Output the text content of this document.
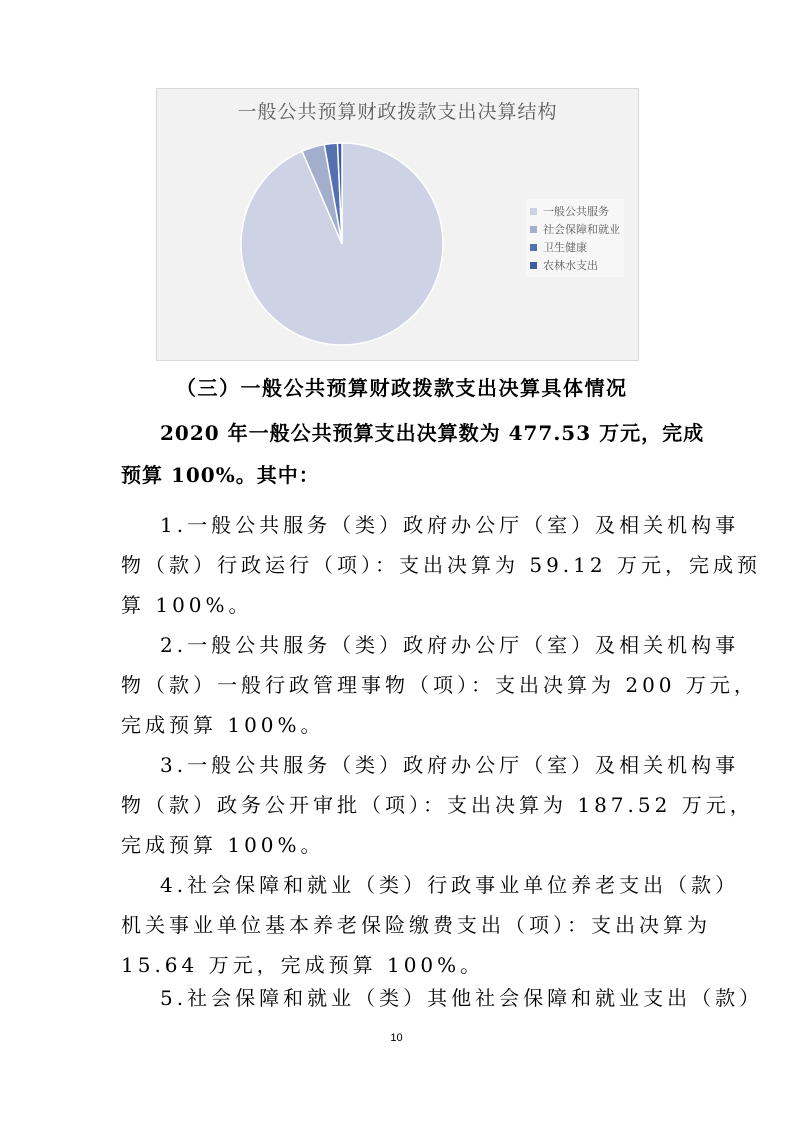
一般公共预算财政拨款支出决算结构
一般公共服务
社会保障和就业
卫生健康
农林水支出
（三）一般公共预算财政拨款支出决算具体情况
2020 年一般公共预算支出决算数为 477.53 万元，完成
预算 100%。其中：
1.一般公共服务（类）政府办公厅（室）及相关机构事
物（款）行政运行（项）：支出决算为 59.12 万元，完成预
算 100%。
2.一般公共服务（类）政府办公厅（室）及相关机构事
物（款）一般行政管理事物（项）：支出决算为 200 万元，
完成预算 100%。
3.一般公共服务（类）政府办公厅（室）及相关机构事
物（款）政务公开审批（项）：支出决算为 187.52 万元，
完成预算 100%。
4.社会保障和就业（类）行政事业单位养老支出（款）
机关事业单位基本养老保险缴费支出（项）：支出决算为
15.64 万元，完成预算 100%。
5.社会保障和就业（类）其他社会保障和就业支出（款）
10
